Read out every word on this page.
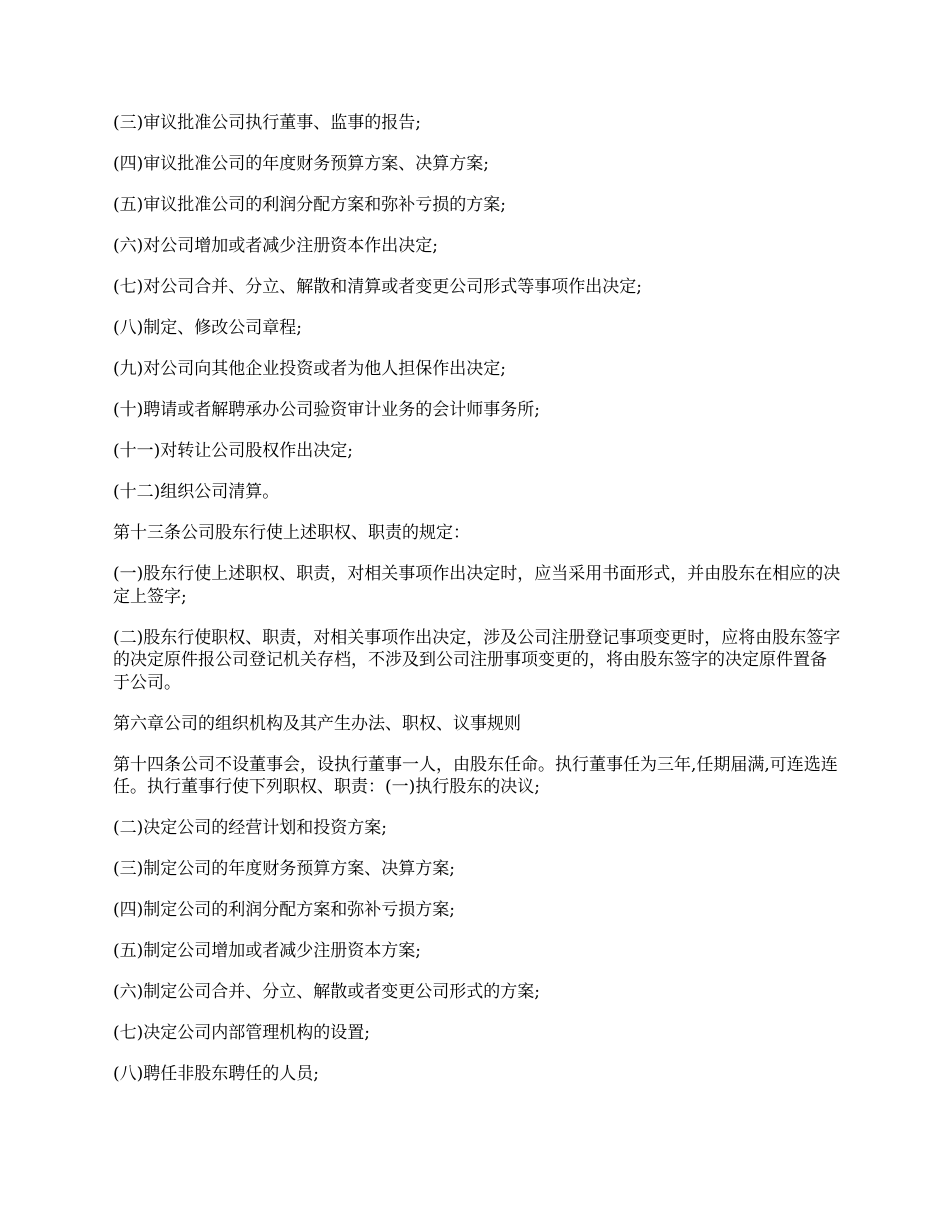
(三)审议批准公司执行董事、监事的报告;

(四)审议批准公司的年度财务预算方案、决算方案;

(五)审议批准公司的利润分配方案和弥补亏损的方案;

(六)对公司增加或者减少注册资本作出决定;

(七)对公司合并、分立、解散和清算或者变更公司形式等事项作出决定;

(八)制定、修改公司章程;

(九)对公司向其他企业投资或者为他人担保作出决定;

(十)聘请或者解聘承办公司验资审计业务的会计师事务所;

(十一)对转让公司股权作出决定;

(十二)组织公司清算。

第十三条公司股东行使上述职权、职责的规定：

(一)股东行使上述职权、职责，对相关事项作出决定时，应当采用书面形式，并由股东在相应的决定上签字;

(二)股东行使职权、职责，对相关事项作出决定，涉及公司注册登记事项变更时，应将由股东签字的决定原件报公司登记机关存档，不涉及到公司注册事项变更的，将由股东签字的决定原件置备于公司。

第六章公司的组织机构及其产生办法、职权、议事规则

第十四条公司不设董事会，设执行董事一人，由股东任命。执行董事任为三年,任期届满,可连选连任。执行董事行使下列职权、职责：(一)执行股东的决议;

(二)决定公司的经营计划和投资方案;

(三)制定公司的年度财务预算方案、决算方案;

(四)制定公司的利润分配方案和弥补亏损方案;

(五)制定公司增加或者减少注册资本方案;

(六)制定公司合并、分立、解散或者变更公司形式的方案;

(七)决定公司内部管理机构的设置;

(八)聘任非股东聘任的人员;
